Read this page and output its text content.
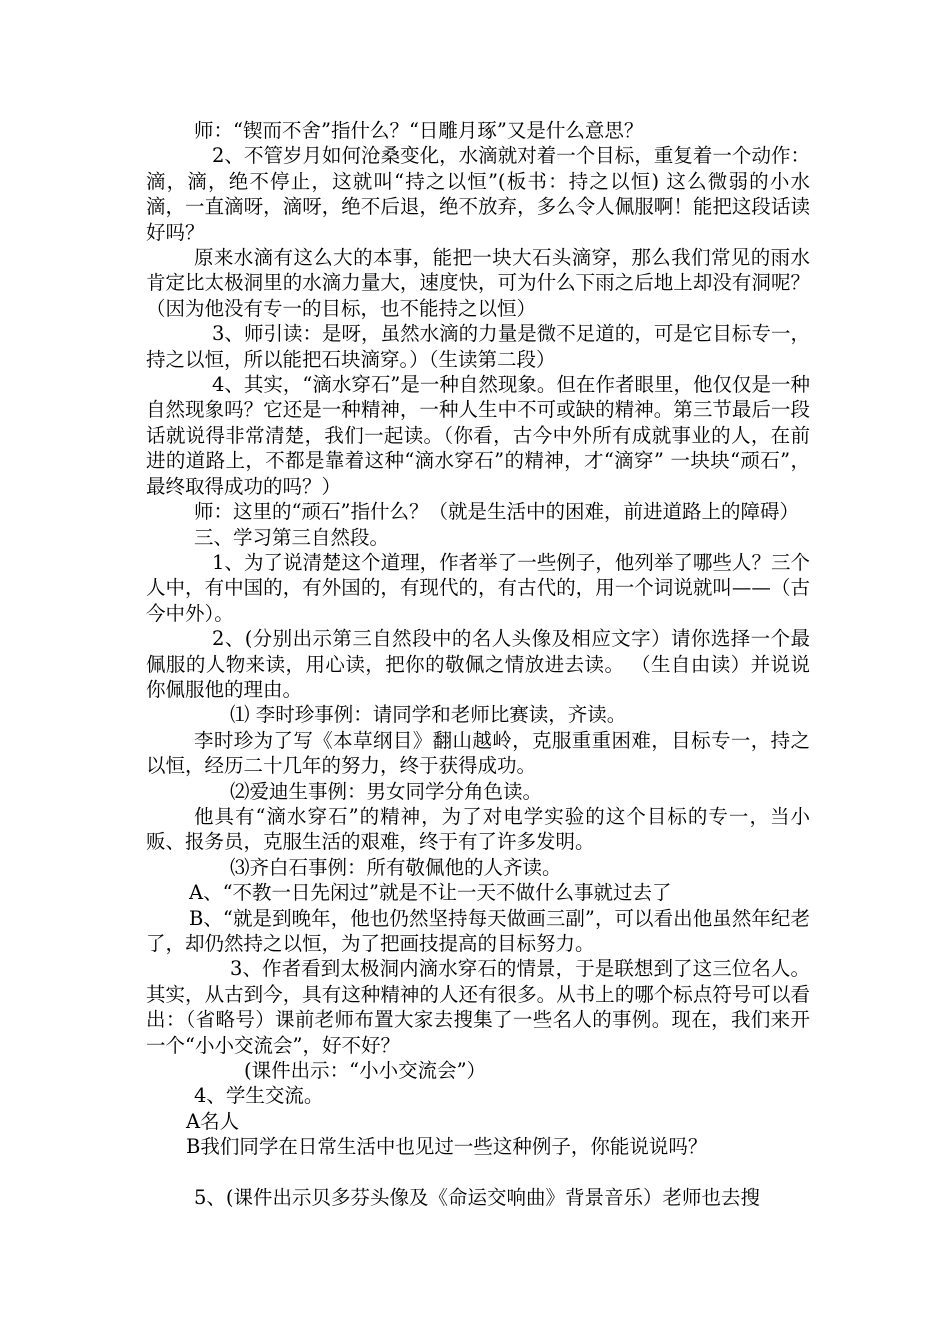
师：“锲而不舍”指什么？“日雕月琢”又是什么意思？

2、不管岁月如何沧桑变化，水滴就对着一个目标，重复着一个动作：滴，滴，绝不停止，这就叫“持之以恒”(板书：持之以恒) 这么微弱的小水滴，一直滴呀，滴呀，绝不后退，绝不放弃，多么令人佩服啊！能把这段话读好吗？

原来水滴有这么大的本事，能把一块大石头滴穿，那么我们常见的雨水肯定比太极洞里的水滴力量大，速度快，可为什么下雨之后地上却没有洞呢？ （因为他没有专一的目标，也不能持之以恒）

3、师引读：是呀，虽然水滴的力量是微不足道的，可是它目标专一，持之以恒，所以能把石块滴穿。）（生读第二段）

4、其实，“滴水穿石”是一种自然现象。但在作者眼里，他仅仅是一种自然现象吗？它还是一种精神，一种人生中不可或缺的精神。第三节最后一段话就说得非常清楚，我们一起读。（你看，古今中外所有成就事业的人，在前进的道路上，不都是靠着这种“滴水穿石”的精神，才“滴穿” 一块块“顽石”， 最终取得成功的吗？）

师：这里的“顽石”指什么？（就是生活中的困难，前进道路上的障碍）

三、学习第三自然段。

1、为了说清楚这个道理，作者举了一些例子，他列举了哪些人？三个人中，有中国的，有外国的，有现代的，有古代的，用一个词说就叫——（古今中外）。

2、(分别出示第三自然段中的名人头像及相应文字）请你选择一个最佩服的人物来读，用心读，把你的敬佩之情放进去读。 （生自由读）并说说你佩服他的理由。

⑴ 李时珍事例：请同学和老师比赛读，齐读。

李时珍为了写《本草纲目》翻山越岭，克服重重困难，目标专一，持之以恒，经历二十几年的努力，终于获得成功。

⑵爱迪生事例：男女同学分角色读。

他具有“滴水穿石”的精神，为了对电学实验的这个目标的专一，当小贩、报务员，克服生活的艰难，终于有了许多发明。

⑶齐白石事例：所有敬佩他的人齐读。

A、“不教一日先闲过”就是不让一天不做什么事就过去了

B、“就是到晚年，他也仍然坚持每天做画三副”，可以看出他虽然年纪老了，却仍然持之以恒，为了把画技提高的目标努力。

3、作者看到太极洞内滴水穿石的情景，于是联想到了这三位名人。其实，从古到今，具有这种精神的人还有很多。从书上的哪个标点符号可以看出：（省略号）课前老师布置大家去搜集了一些名人的事例。现在，我们来开一个“小小交流会”，好不好？

(课件出示：“小小交流会”）

4、学生交流。

A名人

B我们同学在日常生活中也见过一些这种例子，你能说说吗？

5、(课件出示贝多芬头像及《命运交响曲》背景音乐）老师也去搜
